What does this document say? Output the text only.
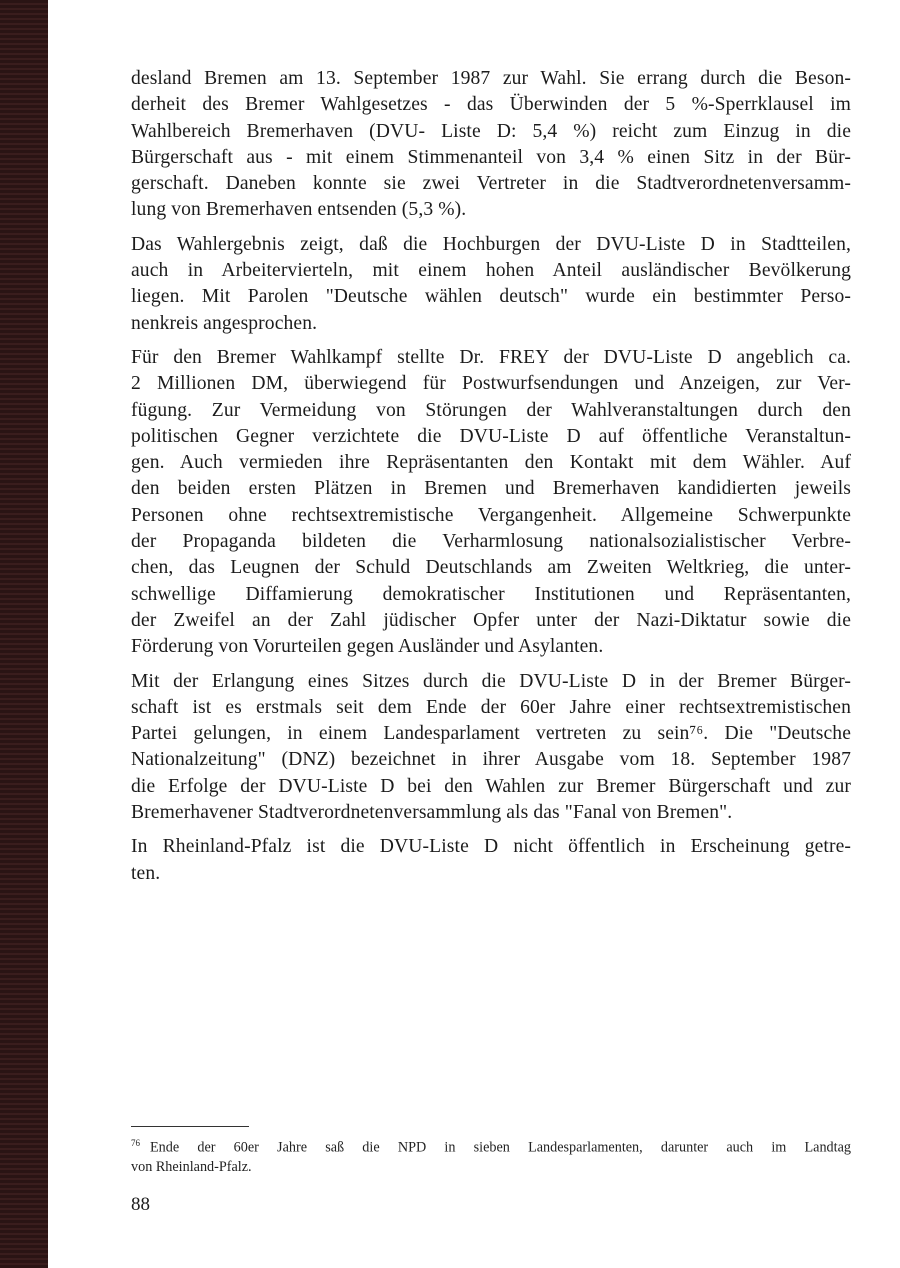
desland Bremen am 13. September 1987 zur Wahl. Sie errang durch die Beson-
derheit des Bremer Wahlgesetzes - das Überwinden der 5 %-Sperrklausel im
Wahlbereich Bremerhaven (DVU- Liste D: 5,4 %) reicht zum Einzug in die
Bürgerschaft aus - mit einem Stimmenanteil von 3,4 % einen Sitz in der Bür-
gerschaft. Daneben konnte sie zwei Vertreter in die Stadtverordnetenversamm-
lung von Bremerhaven entsenden (5,3 %).

Das Wahlergebnis zeigt, daß die Hochburgen der DVU-Liste D in Stadtteilen,
auch in Arbeitervierteln, mit einem hohen Anteil ausländischer Bevölkerung
liegen. Mit Parolen "Deutsche wählen deutsch" wurde ein bestimmter Perso-
nenkreis angesprochen.

Für den Bremer Wahlkampf stellte Dr. FREY der DVU-Liste D angeblich ca.
2 Millionen DM, überwiegend für Postwurfsendungen und Anzeigen, zur Ver-
fügung. Zur Vermeidung von Störungen der Wahlveranstaltungen durch den
politischen Gegner verzichtete die DVU-Liste D auf öffentliche Veranstaltun-
gen. Auch vermieden ihre Repräsentanten den Kontakt mit dem Wähler. Auf
den beiden ersten Plätzen in Bremen und Bremerhaven kandidierten jeweils
Personen ohne rechtsextremistische Vergangenheit. Allgemeine Schwerpunkte
der Propaganda bildeten die Verharmlosung nationalsozialistischer Verbre-
chen, das Leugnen der Schuld Deutschlands am Zweiten Weltkrieg, die unter-
schwellige Diffamierung demokratischer Institutionen und Repräsentanten,
der Zweifel an der Zahl jüdischer Opfer unter der Nazi-Diktatur sowie die
Förderung von Vorurteilen gegen Ausländer und Asylanten.

Mit der Erlangung eines Sitzes durch die DVU-Liste D in der Bremer Bürger-
schaft ist es erstmals seit dem Ende der 60er Jahre einer rechtsextremistischen
Partei gelungen, in einem Landesparlament vertreten zu sein⁷⁶. Die "Deutsche
Nationalzeitung" (DNZ) bezeichnet in ihrer Ausgabe vom 18. September 1987
die Erfolge der DVU-Liste D bei den Wahlen zur Bremer Bürgerschaft und zur
Bremerhavener Stadtverordnetenversammlung als das "Fanal von Bremen".

In Rheinland-Pfalz ist die DVU-Liste D nicht öffentlich in Erscheinung getre-
ten.

$^{76}$ Ende der 60er Jahre saß die NPD in sieben Landesparlamenten, darunter auch im Landtag
von Rheinland-Pfalz.
88
